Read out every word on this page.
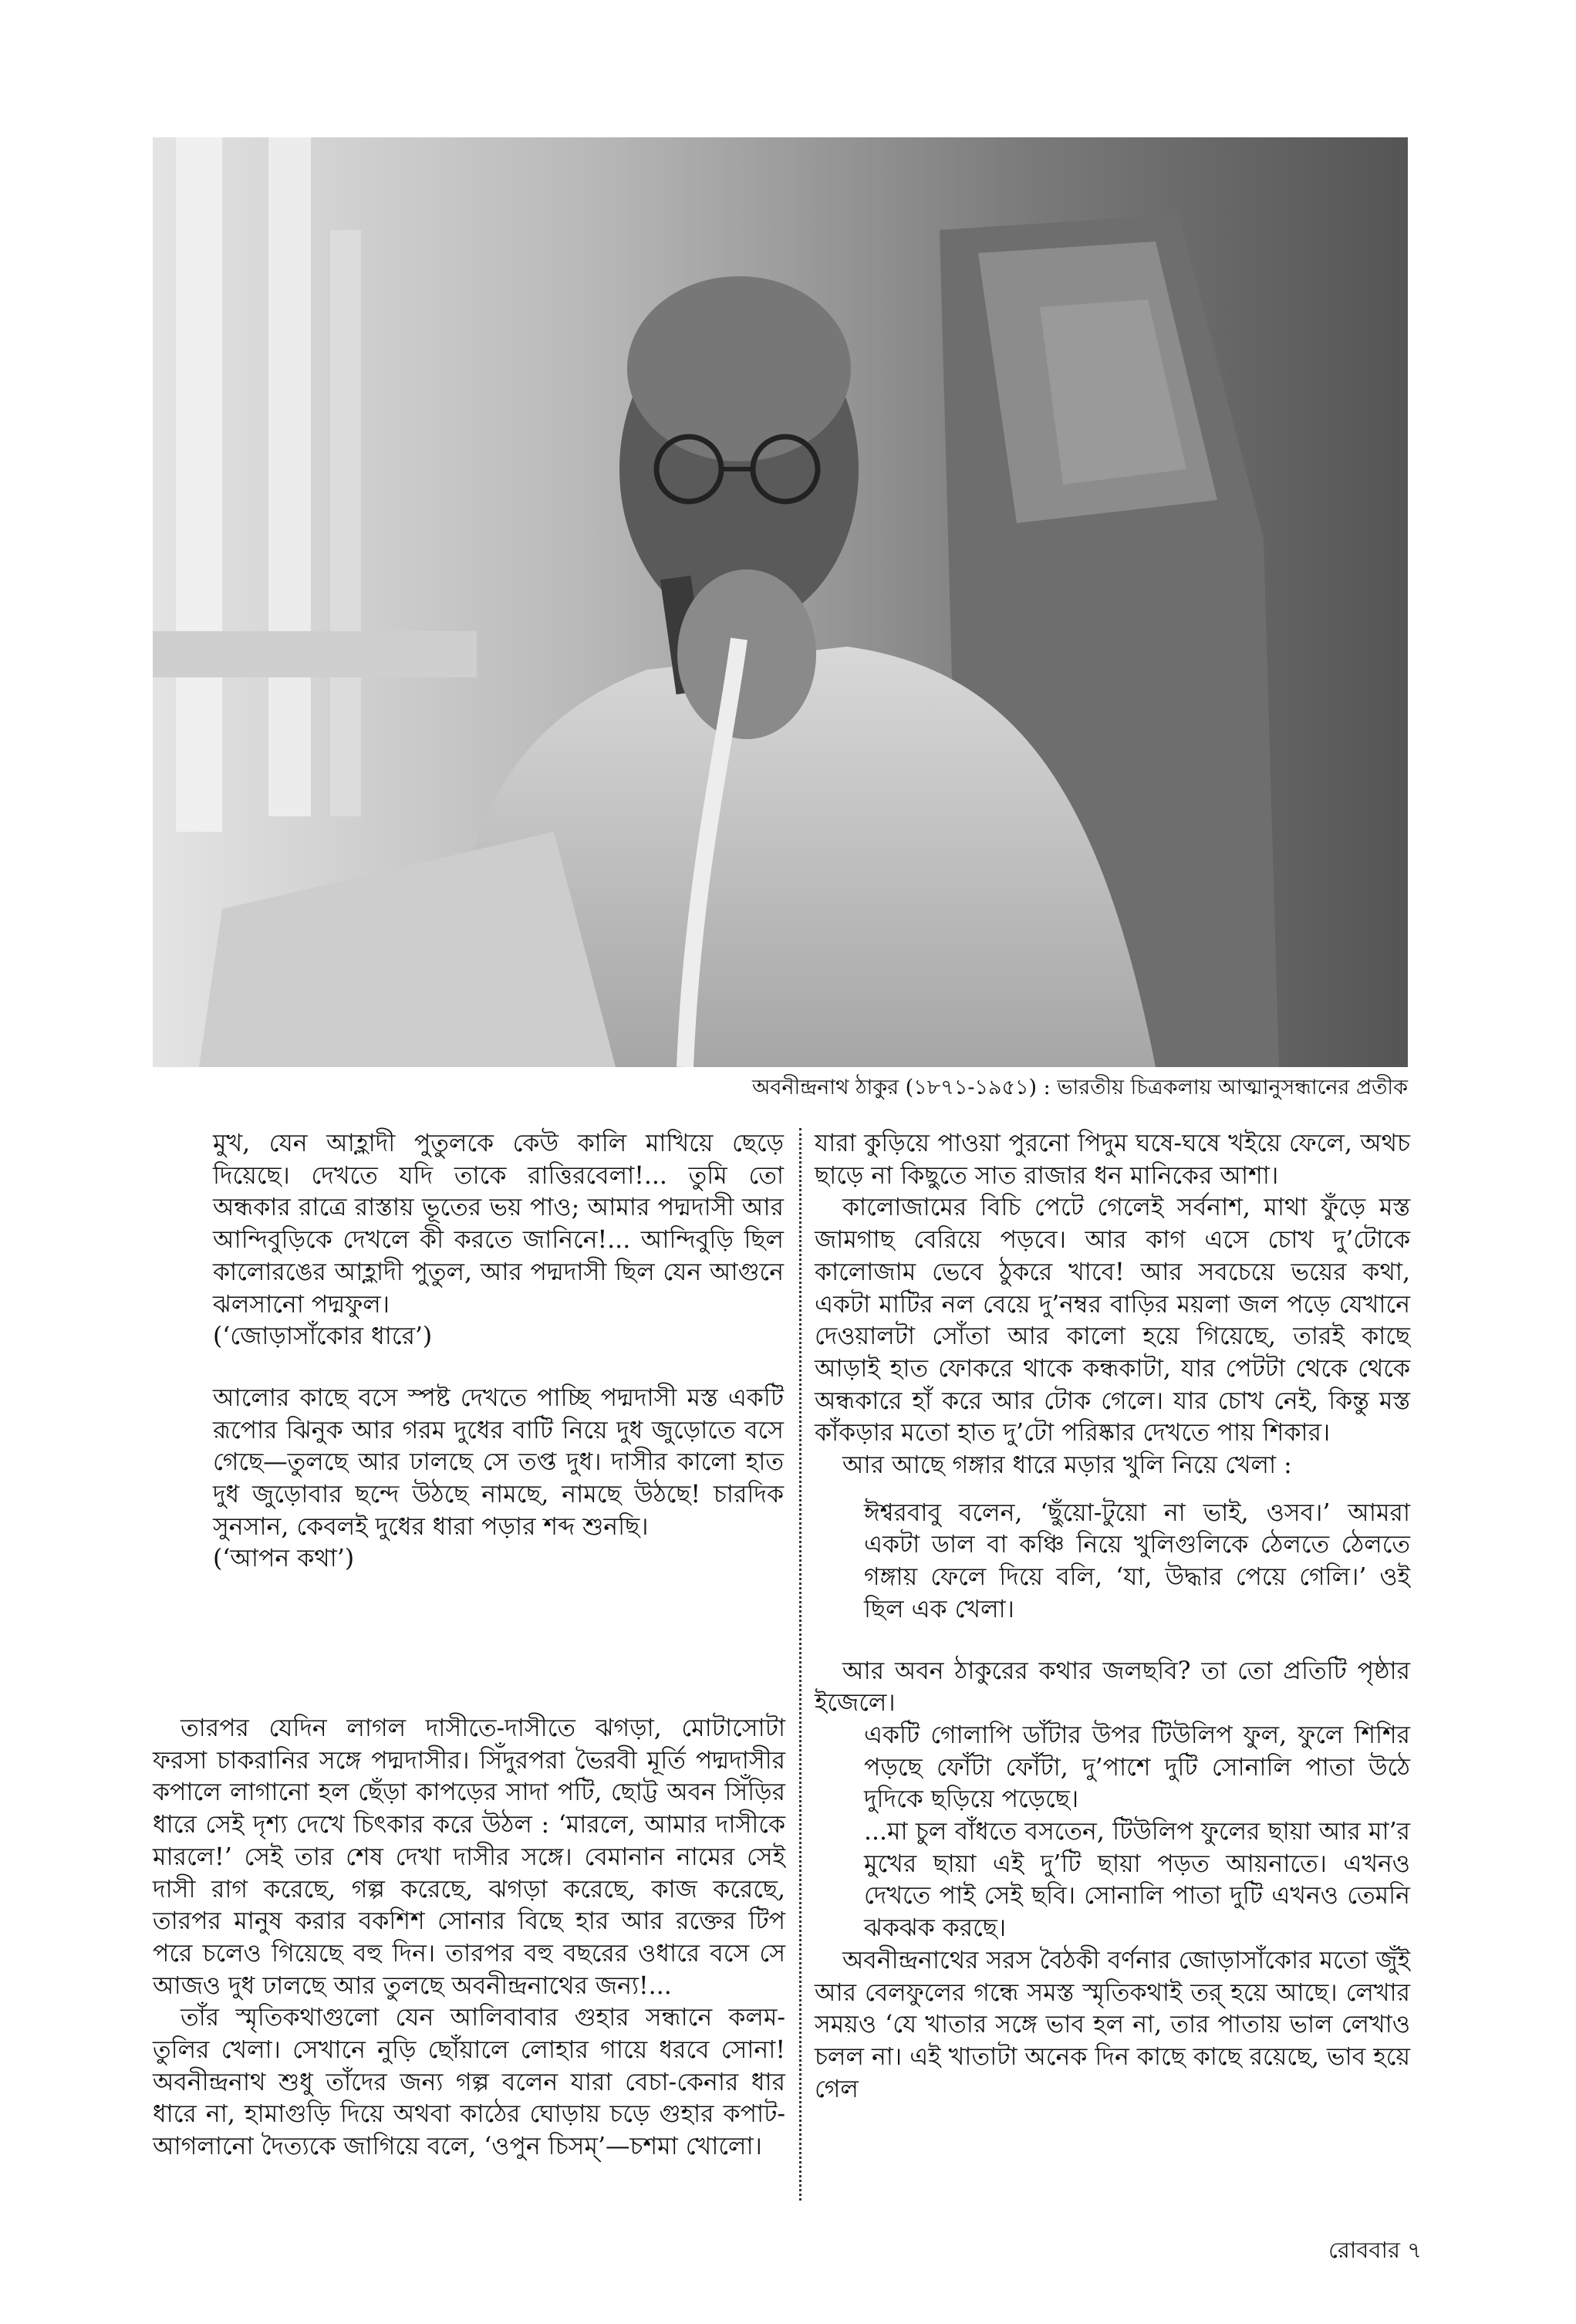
অবনীন্দ্রনাথ ঠাকুর (১৮৭১-১৯৫১) : ভারতীয় চিত্রকলায় আত্মানুসন্ধানের প্রতীক

মুখ, যেন আহ্লাদী পুতুলকে কেউ কালি মাখিয়ে ছেড়ে দিয়েছে। দেখতে যদি তাকে রাত্তিরবেলা!... তুমি তো অন্ধকার রাত্রে রাস্তায় ভূতের ভয় পাও; আমার পদ্মদাসী আর আন্দিবুড়িকে দেখলে কী করতে জানিনে!... আন্দিবুড়ি ছিল কালোরঙের আহ্লাদী পুতুল, আর পদ্মদাসী ছিল যেন আগুনে ঝলসানো পদ্মফুল।

(‘জোড়াসাঁকোর ধারে’)

আলোর কাছে বসে স্পষ্ট দেখতে পাচ্ছি পদ্মদাসী মস্ত একটি রূপোর ঝিনুক আর গরম দুধের বাটি নিয়ে দুধ জুড়োতে বসে গেছে—তুলছে আর ঢালছে সে তপ্ত দুধ। দাসীর কালো হাত দুধ জুড়োবার ছন্দে উঠছে নামছে, নামছে উঠছে! চারদিক সুনসান, কেবলই দুধের ধারা পড়ার শব্দ শুনছি।

(‘আপন কথা’)

তারপর যেদিন লাগল দাসীতে-দাসীতে ঝগড়া, মোটাসোটা ফরসা চাকরানির সঙ্গে পদ্মদাসীর। সিঁদুরপরা ভৈরবী মূর্তি পদ্মদাসীর কপালে লাগানো হল ছেঁড়া কাপড়ের সাদা পটি, ছোট্ট অবন সিঁড়ির ধারে সেই দৃশ্য দেখে চিৎকার করে উঠল : ‘মারলে, আমার দাসীকে মারলে!’ সেই তার শেষ দেখা দাসীর সঙ্গে। বেমানান নামের সেই দাসী রাগ করেছে, গল্প করেছে, ঝগড়া করেছে, কাজ করেছে, তারপর মানুষ করার বকশিশ সোনার বিছে হার আর রক্তের টিপ পরে চলেও গিয়েছে বহু দিন। তারপর বহু বছরের ওধারে বসে সে আজও দুধ ঢালছে আর তুলছে অবনীন্দ্রনাথের জন্য!...

তাঁর স্মৃতিকথাগুলো যেন আলিবাবার গুহার সন্ধানে কলম-তুলির খেলা। সেখানে নুড়ি ছোঁয়ালে লোহার গায়ে ধরবে সোনা! অবনীন্দ্রনাথ শুধু তাঁদের জন্য গল্প বলেন যারা বেচা-কেনার ধার ধারে না, হামাগুড়ি দিয়ে অথবা কাঠের ঘোড়ায় চড়ে গুহার কপাট-আগলানো দৈত্যকে জাগিয়ে বলে, ‘ওপুন চিসম্’—চশমা খোলো।

যারা কুড়িয়ে পাওয়া পুরনো পিদুম ঘষে-ঘষে খইয়ে ফেলে, অথচ ছাড়ে না কিছুতে সাত রাজার ধন মানিকের আশা।

কালোজামের বিচি পেটে গেলেই সর্বনাশ, মাথা ফুঁড়ে মস্ত জামগাছ বেরিয়ে পড়বে। আর কাগ এসে চোখ দু’টোকে কালোজাম ভেবে ঠুকরে খাবে! আর সবচেয়ে ভয়ের কথা, একটা মাটির নল বেয়ে দু’নম্বর বাড়ির ময়লা জল পড়ে যেখানে দেওয়ালটা সোঁতা আর কালো হয়ে গিয়েছে, তারই কাছে আড়াই হাত ফোকরে থাকে কন্ধকাটা, যার পেটটা থেকে থেকে অন্ধকারে হাঁ করে আর টোক গেলে। যার চোখ নেই, কিন্তু মস্ত কাঁকড়ার মতো হাত দু’টো পরিষ্কার দেখতে পায় শিকার।

আর আছে গঙ্গার ধারে মড়ার খুলি নিয়ে খেলা :

ঈশ্বরবাবু বলেন, ‘ছুঁয়ো-টুয়ো না ভাই, ওসব।’ আমরা একটা ডাল বা কঞ্চি নিয়ে খুলিগুলিকে ঠেলতে ঠেলতে গঙ্গায় ফেলে দিয়ে বলি, ‘যা, উদ্ধার পেয়ে গেলি।’ ওই ছিল এক খেলা।

আর অবন ঠাকুরের কথার জলছবি? তা তো প্রতিটি পৃষ্ঠার ইজেলে।

একটি গোলাপি ডাঁটার উপর টিউলিপ ফুল, ফুলে শিশির পড়ছে ফোঁটা ফোঁটা, দু’পাশে দুটি সোনালি পাতা উঠে দুদিকে ছড়িয়ে পড়েছে।

...মা চুল বাঁধতে বসতেন, টিউলিপ ফুলের ছায়া আর মা’র মুখের ছায়া এই দু’টি ছায়া পড়ত আয়নাতে। এখনও দেখতে পাই সেই ছবি। সোনালি পাতা দুটি এখনও তেমনি ঝকঝক করছে।

অবনীন্দ্রনাথের সরস বৈঠকী বর্ণনার জোড়াসাঁকোর মতো জুঁই আর বেলফুলের গন্ধে সমস্ত স্মৃতিকথাই তর্ হয়ে আছে। লেখার সময়ও ‘যে খাতার সঙ্গে ভাব হল না, তার পাতায় ভাল লেখাও চলল না। এই খাতাটা অনেক দিন কাছে কাছে রয়েছে, ভাব হয়ে গেল

রোববার ৭
